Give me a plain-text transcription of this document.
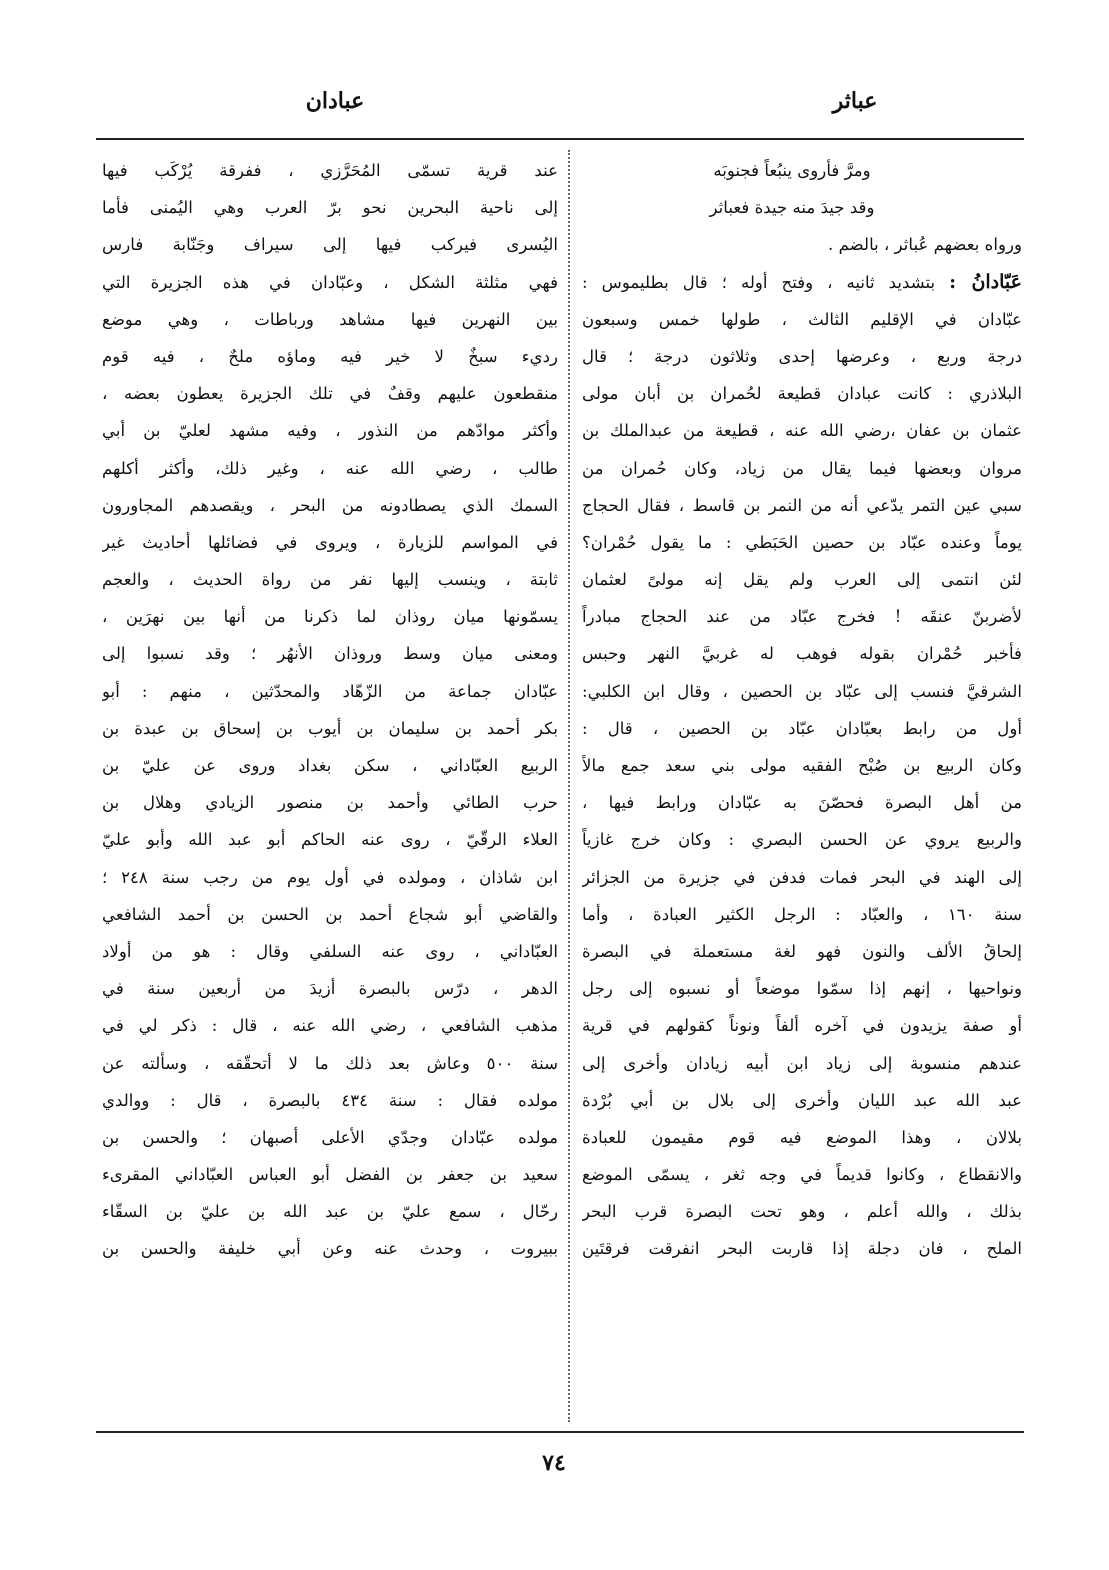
عباثر
عبادان
ومرَّ فأروى ينبُعاً فجنوبَه
وقد جيدَ منه جيدة فعباثر
ورواه بعضهم عُباثر ، بالضم .
عَبّادانُ : بتشديد ثانيه ، وفتح أوله ؛ قال بطليموس :
عبّادان في الإقليم الثالث ، طولها خمس وسبعون
درجة وربع ، وعرضها إحدى وثلاثون درجة ؛ قال
البلاذري : كانت عبادان قطيعة لحُمران بن أبان مولى
عثمان بن عفان ،رضي الله عنه ، قطيعة من عبدالملك بن
مروان وبعضها فيما يقال من زياد، وكان حُمران من
سبي عين التمر يدّعي أنه من النمر بن قاسط ، فقال الحجاج
يوماً وعنده عبّاد بن حصين الحَبَطي : ما يقول حُمْران؟
لئن انتمى إلى العرب ولم يقل إنه مولىً لعثمان
لأضربنّ عنقَه ! فخرج عبّاد من عند الحجاج مبادراً
فأخبر حُمْران بقوله فوهب له غربيَّ النهر وحبس
الشرقيَّ فنسب إلى عبّاد بن الحصين ، وقال ابن الكلبي:
أول من رابط بعبّادان عبّاد بن الحصين ، قال :
وكان الربيع بن صُبْح الفقيه مولى بني سعد جمع مالاً
من أهل البصرة فحصّنَ به عبّادان ورابط فيها ،
والربيع يروي عن الحسن البصري : وكان خرج غازياً
إلى الهند في البحر فمات فدفن في جزيرة من الجزائر
سنة ١٦٠ ، والعبّاد : الرجل الكثير العبادة ، وأما
إلحاقُ الألف والنون فهو لغة مستعملة في البصرة
ونواحيها ، إنهم إذا سمّوا موضعاً أو نسبوه إلى رجل
أو صفة يزيدون في آخره ألفاً ونوناً كقولهم في قرية
عندهم منسوبة إلى زياد ابن أبيه زيادان وأخرى إلى
عبد الله عبد الليان وأخرى إلى بلال بن أبي بُرْدة
بلالان ، وهذا الموضع فيه قوم مقيمون للعبادة
والانقطاع ، وكانوا قديماً في وجه ثغر ، يسمّى الموضع
بذلك ، والله أعلم ، وهو تحت البصرة قرب البحر
الملح ، فان دجلة إذا قاربت البحر انفرقت فرقتَين
عند قرية تسمّى المُحَرَّزي ، ففرقة يُرْكَب فيها
إلى ناحية البحرين نحو برّ العرب وهي اليُمنى فأما
اليُسرى فيركب فيها إلى سيراف وجَنّابة فارس
فهي مثلثة الشكل ، وعبّادان في هذه الجزيرة التي
بين النهرين فيها مشاهد ورباطات ، وهي موضع
رديء سبخٌ لا خير فيه وماؤه ملحٌ ، فيه قوم
منقطعون عليهم وقفٌ في تلك الجزيرة يعطون بعضه ،
وأكثر موادّهم من النذور ، وفيه مشهد لعليّ بن أبي
طالب ، رضي الله عنه ، وغير ذلك، وأكثر أكلهم
السمك الذي يصطادونه من البحر ، ويقصدهم المجاورون
في المواسم للزيارة ، ويروى في فضائلها أحاديث غير
ثابتة ، وينسب إليها نفر من رواة الحديث ، والعجم
يسمّونها ميان روذان لما ذكرنا من أنها بين نهرَين ،
ومعنى ميان وسط وروذان الأنهُر ؛ وقد نسبوا إلى
عبّادان جماعة من الزّهّاد والمحدّثين ، منهم : أبو
بكر أحمد بن سليمان بن أيوب بن إسحاق بن عبدة بن
الربيع العبّاداني ، سكن بغداد وروى عن عليّ بن
حرب الطائي وأحمد بن منصور الزيادي وهلال بن
العلاء الرقّيّ ، روى عنه الحاكم أبو عبد الله وأبو عليّ
ابن شاذان ، ومولده في أول يوم من رجب سنة ٢٤٨ ؛
والقاضي أبو شجاع أحمد بن الحسن بن أحمد الشافعي
العبّاداني ، روى عنه السلفي وقال : هو من أولاد
الدهر ، درّس بالبصرة أزيدَ من أربعين سنة في
مذهب الشافعي ، رضي الله عنه ، قال : ذكر لي في
سنة ٥٠٠ وعاش بعد ذلك ما لا أتحقّقه ، وسألته عن
مولده فقال : سنة ٤٣٤ بالبصرة ، قال : ووالدي
مولده عبّادان وجدّي الأعلى أصبهان ؛ والحسن بن
سعيد بن جعفر بن الفضل أبو العباس العبّاداني المقرىء
رحّال ، سمع عليّ بن عبد الله بن عليّ بن السقّاء
ببيروت ، وحدث عنه وعن أبي خليفة والحسن بن
٧٤
